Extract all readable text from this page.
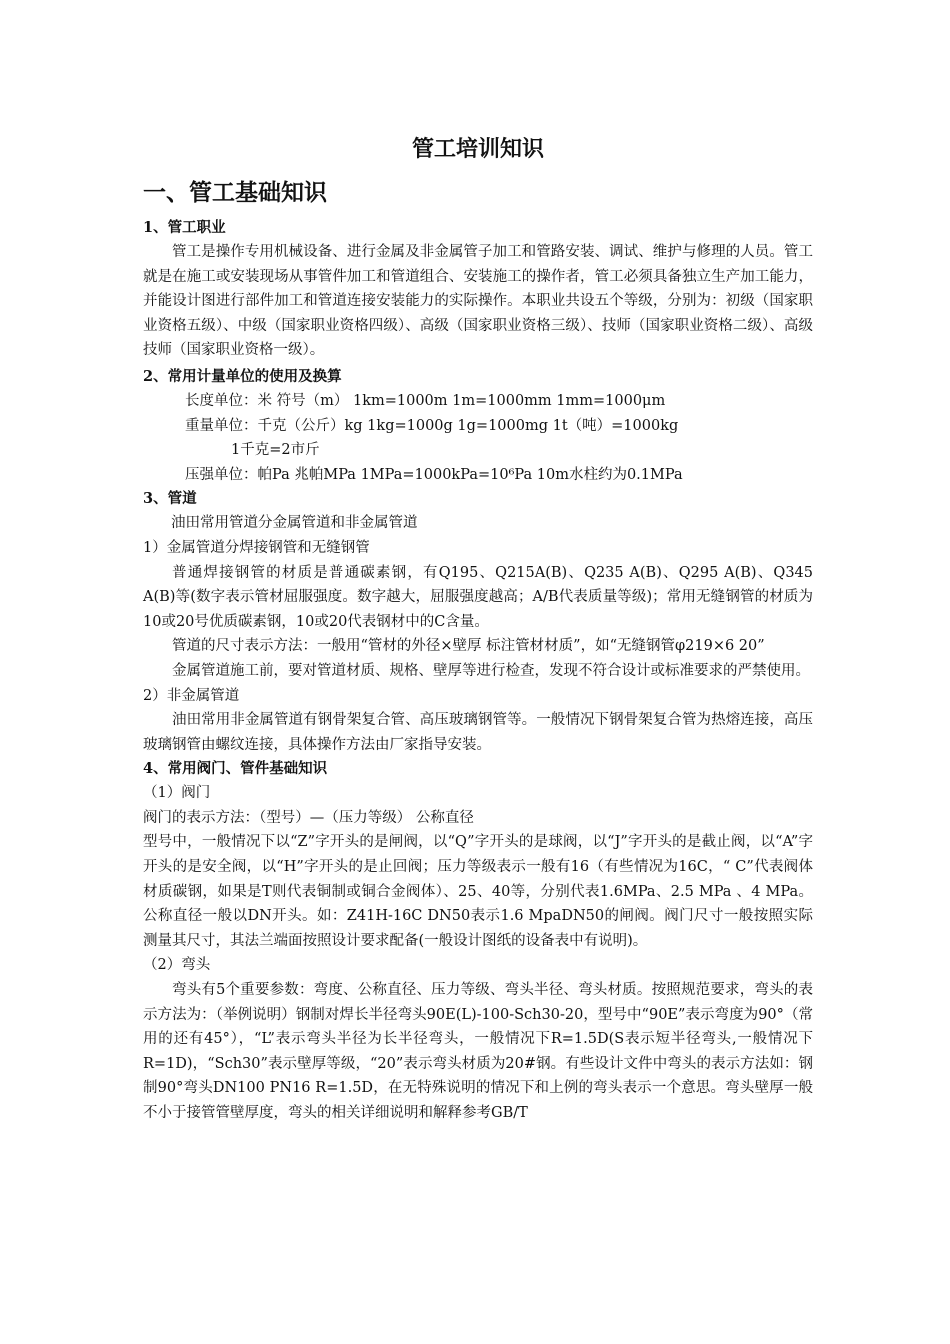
管工培训知识
一、管工基础知识
1、管工职业

管工是操作专用机械设备、进行金属及非金属管子加工和管路安装、调试、维护与修理的人员。管工就是在施工或安装现场从事管件加工和管道组合、安装施工的操作者，管工必须具备独立生产加工能力，并能设计图进行部件加工和管道连接安装能力的实际操作。本职业共设五个等级，分别为：初级（国家职业资格五级）、中级（国家职业资格四级）、高级（国家职业资格三级）、技师（国家职业资格二级）、高级技师（国家职业资格一级）。

2、常用计量单位的使用及换算
长度单位：米 符号（m） 1km=1000m 1m=1000mm 1mm=1000μm
重量单位：千克（公斤）kg 1kg=1000g 1g=1000mg 1t（吨）=1000kg
1千克=2市斤
压强单位：帕Pa 兆帕MPa 1MPa=1000kPa=10⁶Pa 10m水柱约为0.1MPa
3、管道
油田常用管道分金属管道和非金属管道
1）金属管道分焊接钢管和无缝钢管

普通焊接钢管的材质是普通碳素钢，有Q195、Q215A(B)、Q235 A(B)、Q295 A(B)、Q345 A(B)等(数字表示管材屈服强度。数字越大，屈服强度越高；A/B代表质量等级)；常用无缝钢管的材质为10或20号优质碳素钢，10或20代表钢材中的C含量。

管道的尺寸表示方法：一般用“管材的外径×壁厚 标注管材材质”，如“无缝钢管φ219×6 20”

金属管道施工前，要对管道材质、规格、壁厚等进行检查，发现不符合设计或标准要求的严禁使用。

2）非金属管道

油田常用非金属管道有钢骨架复合管、高压玻璃钢管等。一般情况下钢骨架复合管为热熔连接，高压玻璃钢管由螺纹连接，具体操作方法由厂家指导安装。

4、常用阀门、管件基础知识
（1）阀门
阀门的表示方法：（型号）—（压力等级） 公称直径

型号中，一般情况下以“Z”字开头的是闸阀，以“Q”字开头的是球阀，以“J”字开头的是截止阀，以“A”字开头的是安全阀，以“H”字开头的是止回阀；压力等级表示一般有16（有些情况为16C，“ C”代表阀体材质碳钢，如果是T则代表铜制或铜合金阀体）、25、40等，分别代表1.6MPa、2.5 MPa 、4 MPa。公称直径一般以DN开头。如：Z41H-16C DN50表示1.6 MpaDN50的闸阀。阀门尺寸一般按照实际测量其尺寸，其法兰端面按照设计要求配备(一般设计图纸的设备表中有说明)。

（2）弯头

弯头有5个重要参数：弯度、公称直径、压力等级、弯头半径、弯头材质。按照规范要求，弯头的表示方法为：（举例说明）钢制对焊长半径弯头90E(L)-100-Sch30-20，型号中“90E”表示弯度为90°（常用的还有45°），“L”表示弯头半径为长半径弯头，一般情况下R=1.5D(S表示短半径弯头,一般情况下R=1D)，“Sch30”表示壁厚等级，“20”表示弯头材质为20#钢。有些设计文件中弯头的表示方法如：钢制90°弯头DN100 PN16 R=1.5D，在无特殊说明的情况下和上例的弯头表示一个意思。弯头壁厚一般不小于接管管壁厚度，弯头的相关详细说明和解释参考GB/T
